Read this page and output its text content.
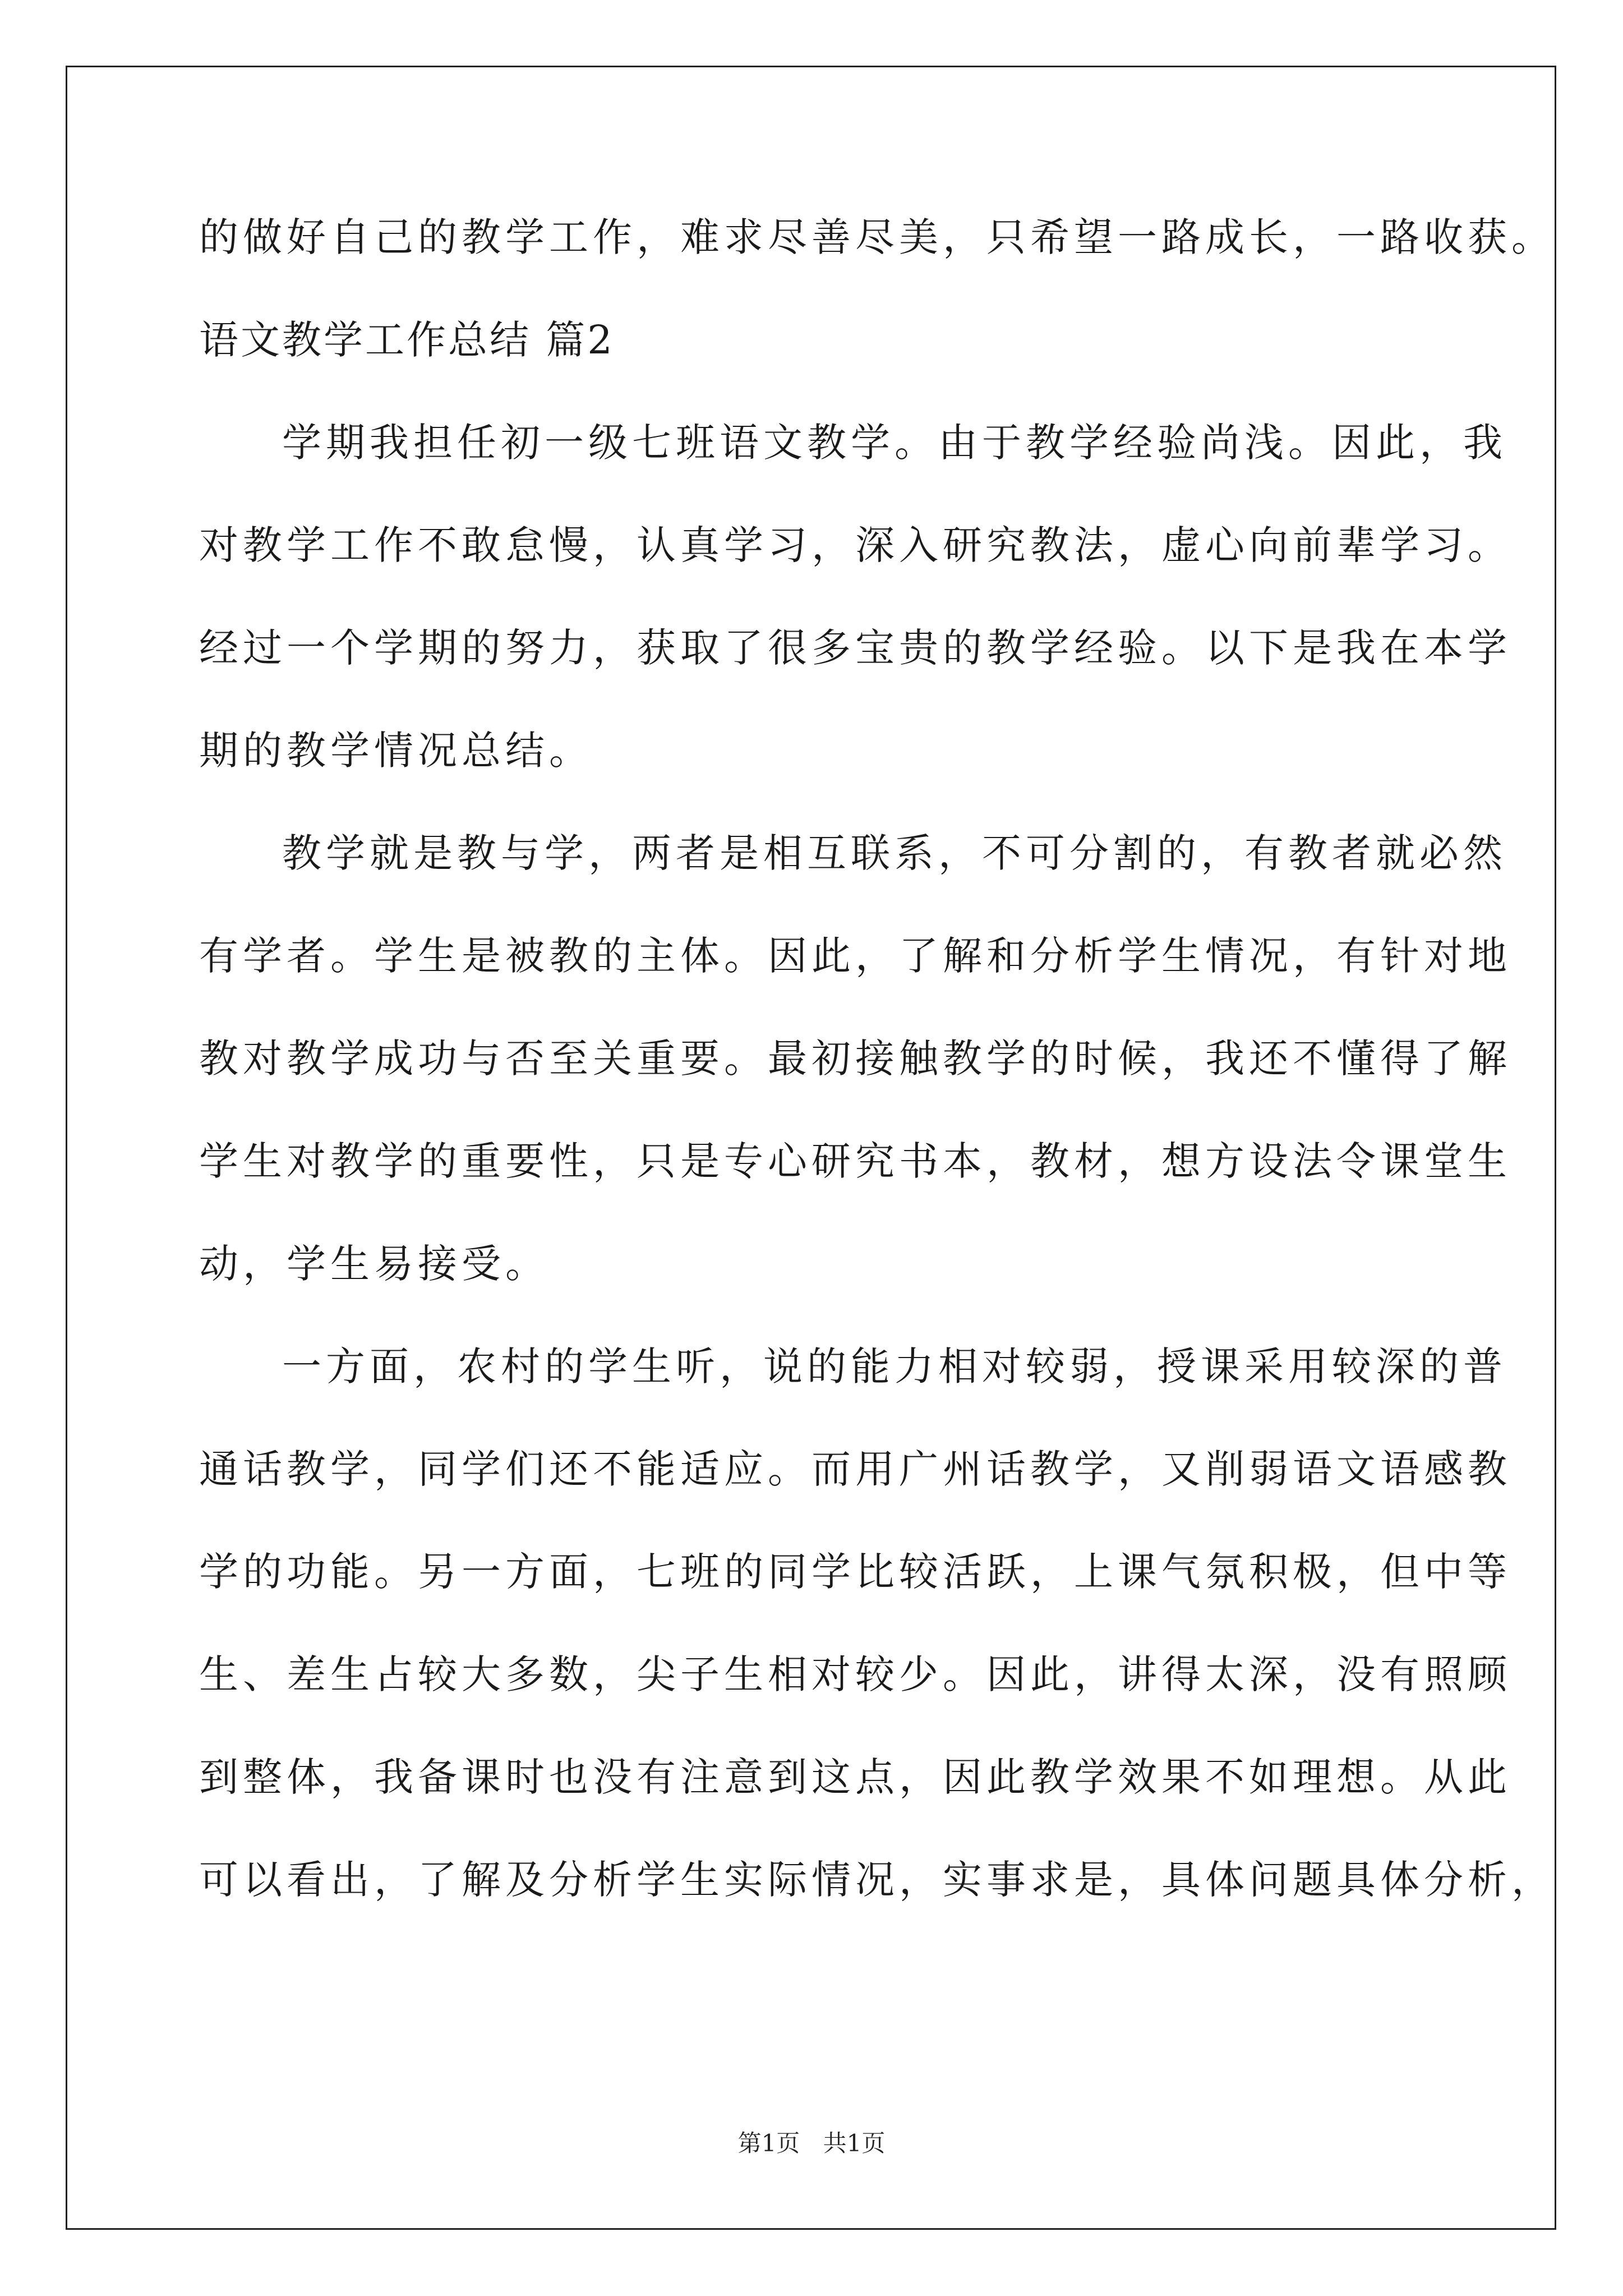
的做好自己的教学工作，难求尽善尽美，只希望一路成长，一路收获。

语文教学工作总结 篇2

学期我担任初一级七班语文教学。由于教学经验尚浅。因此，我

对教学工作不敢怠慢，认真学习，深入研究教法，虚心向前辈学习。

经过一个学期的努力，获取了很多宝贵的教学经验。以下是我在本学

期的教学情况总结。

教学就是教与学，两者是相互联系，不可分割的，有教者就必然

有学者。学生是被教的主体。因此，了解和分析学生情况，有针对地

教对教学成功与否至关重要。最初接触教学的时候，我还不懂得了解

学生对教学的重要性，只是专心研究书本，教材，想方设法令课堂生

动，学生易接受。

一方面，农村的学生听，说的能力相对较弱，授课采用较深的普

通话教学，同学们还不能适应。而用广州话教学，又削弱语文语感教

学的功能。另一方面，七班的同学比较活跃，上课气氛积极，但中等

生、差生占较大多数，尖子生相对较少。因此，讲得太深，没有照顾

到整体，我备课时也没有注意到这点，因此教学效果不如理想。从此

可以看出，了解及分析学生实际情况，实事求是，具体问题具体分析，

第1页 共1页
